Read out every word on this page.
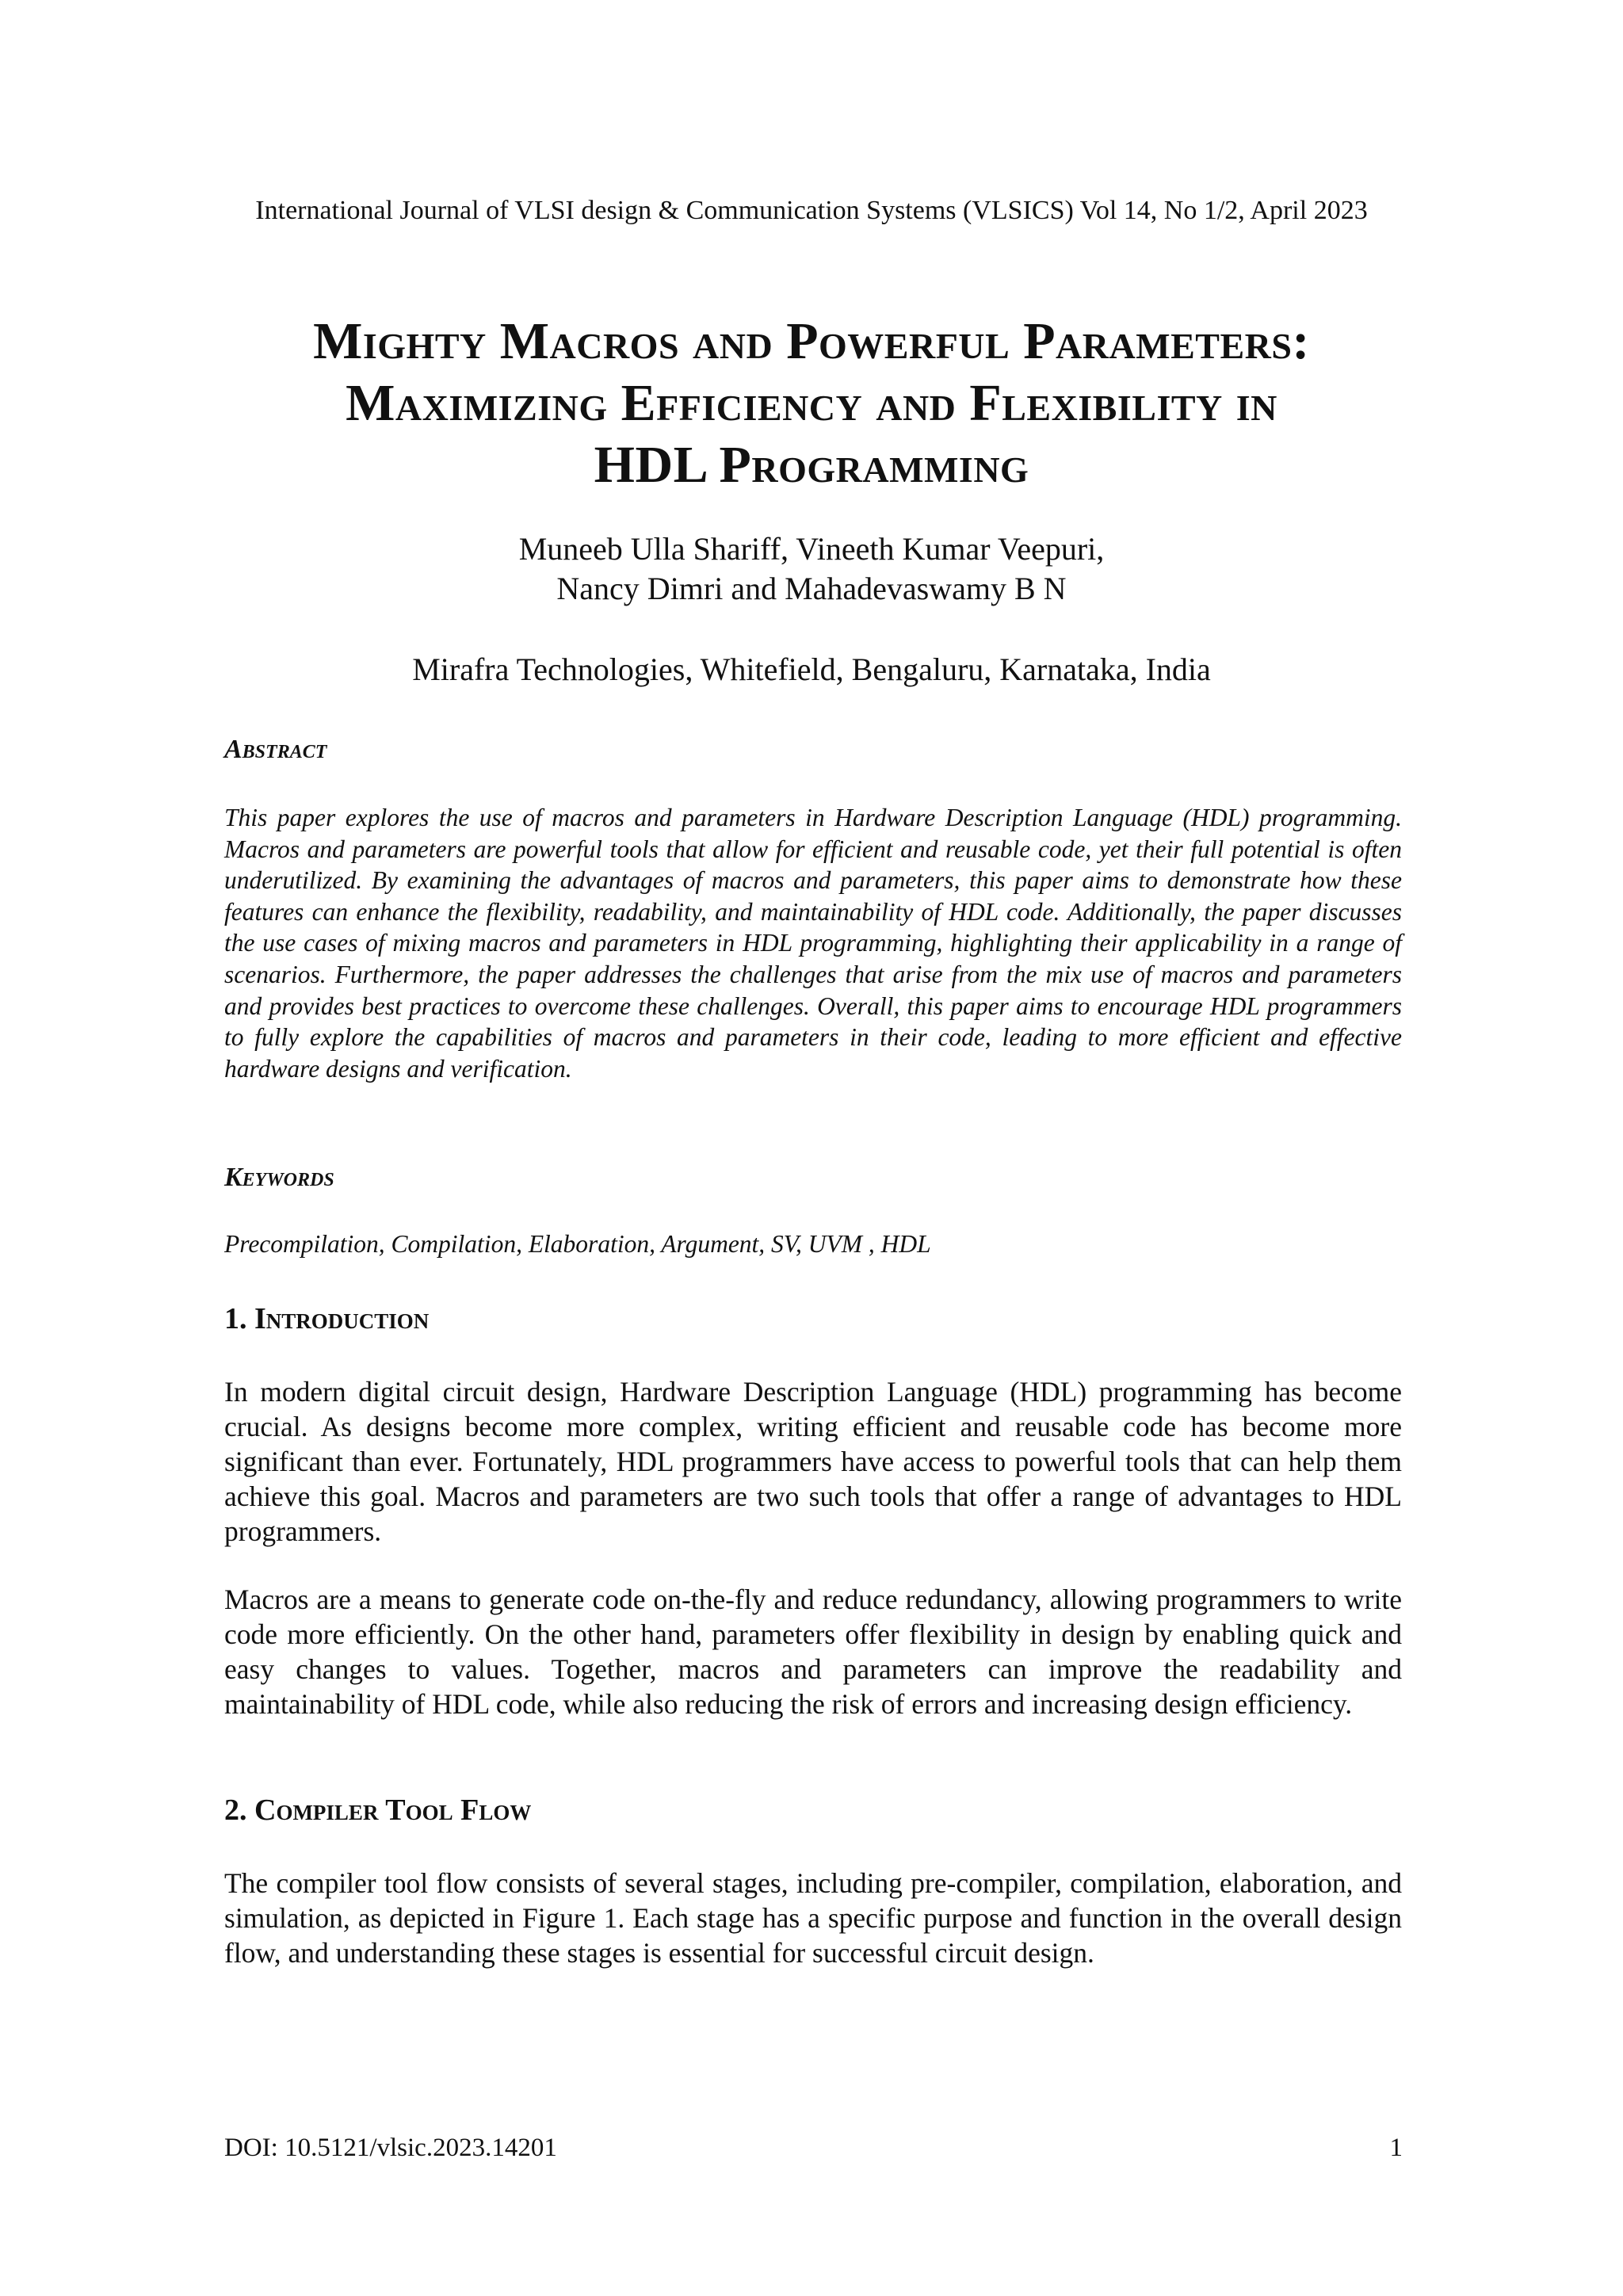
International Journal of VLSI design & Communication Systems (VLSICS) Vol 14, No 1/2, April 2023
Mighty Macros and Powerful Parameters:
Maximizing Efficiency and Flexibility in
HDL Programming
Muneeb Ulla Shariff, Vineeth Kumar Veepuri,
Nancy Dimri and Mahadevaswamy B N
Mirafra Technologies, Whitefield, Bengaluru, Karnataka, India
Abstract

This paper explores the use of macros and parameters in Hardware Description Language (HDL) programming. Macros and parameters are powerful tools that allow for efficient and reusable code, yet their full potential is often underutilized. By examining the advantages of macros and parameters, this paper aims to demonstrate how these features can enhance the flexibility, readability, and maintainability of HDL code. Additionally, the paper discusses the use cases of mixing macros and parameters in HDL programming, highlighting their applicability in a range of scenarios. Furthermore, the paper addresses the challenges that arise from the mix use of macros and parameters and provides best practices to overcome these challenges. Overall, this paper aims to encourage HDL programmers to fully explore the capabilities of macros and parameters in their code, leading to more efficient and effective hardware designs and verification.

Keywords

Precompilation, Compilation, Elaboration, Argument, SV, UVM , HDL

1. Introduction

In modern digital circuit design, Hardware Description Language (HDL) programming has become crucial. As designs become more complex, writing efficient and reusable code has become more significant than ever. Fortunately, HDL programmers have access to powerful tools that can help them achieve this goal. Macros and parameters are two such tools that offer a range of advantages to HDL programmers.

Macros are a means to generate code on-the-fly and reduce redundancy, allowing programmers to write code more efficiently. On the other hand, parameters offer flexibility in design by enabling quick and easy changes to values. Together, macros and parameters can improve the readability and maintainability of HDL code, while also reducing the risk of errors and increasing design efficiency.

2. Compiler Tool Flow

The compiler tool flow consists of several stages, including pre-compiler, compilation, elaboration, and simulation, as depicted in Figure 1. Each stage has a specific purpose and function in the overall design flow, and understanding these stages is essential for successful circuit design.

DOI: 10.5121/vlsic.2023.14201	1
